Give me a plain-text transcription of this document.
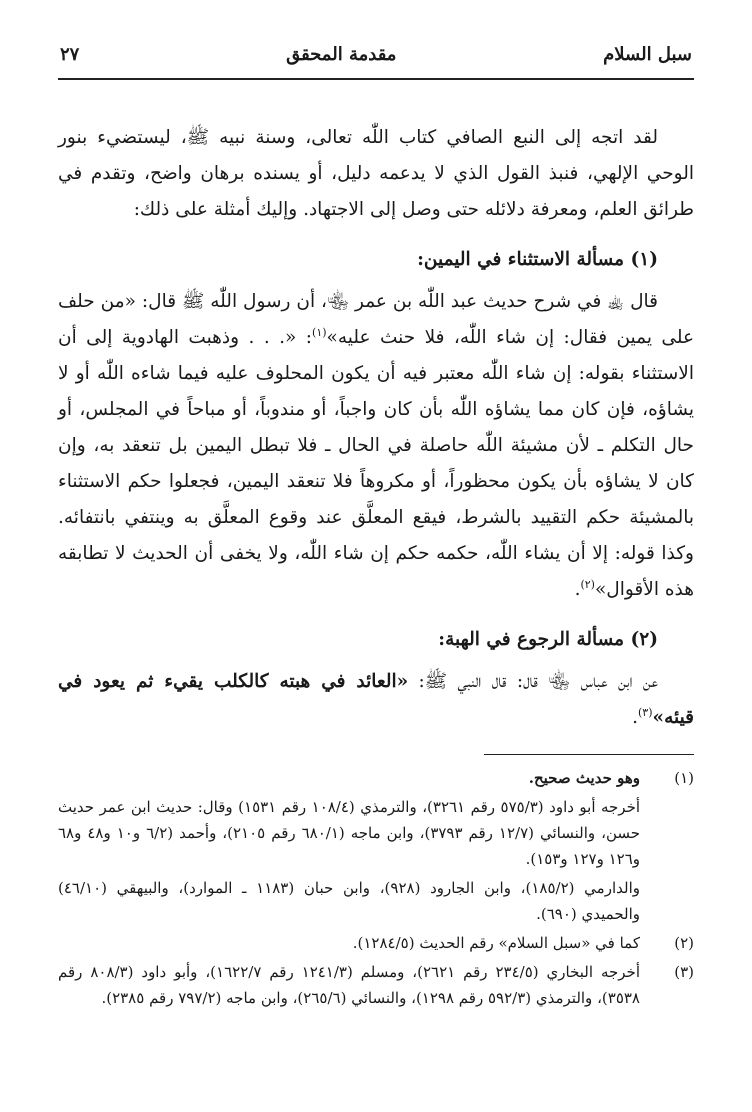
سبل السلام
مقدمة المحقق
٢٧

لقد اتجه إلى النبع الصافي كتاب اللّٰه تعالى، وسنة نبيه ﷺ، ليستضيء بنور الوحي الإلهي، فنبذ القول الذي لا يدعمه دليل، أو يسنده برهان واضح، وتقدم في طرائق العلم، ومعرفة دلائله حتى وصل إلى الاجتهاد. وإليك أمثلة على ذلك:

(١) مسألة الاستثناء في اليمين:

قال ﵀ في شرح حديث عبد اللّٰه بن عمر ﵄، أن رسول اللّٰه ﷺ قال: «من حلف على يمين فقال: إن شاء اللّٰه، فلا حنث عليه»$^{(١)}$: «. . . وذهبت الهادوية إلى أن الاستثناء بقوله: إن شاء اللّٰه معتبر فيه أن يكون المحلوف عليه فيما شاءه اللّٰه أو لا يشاؤه، فإن كان مما يشاؤه اللّٰه بأن كان واجباً، أو مندوباً، أو مباحاً في المجلس، أو حال التكلم ـ لأن مشيئة اللّٰه حاصلة في الحال ـ فلا تبطل اليمين بل تنعقد به، وإن كان لا يشاؤه بأن يكون محظوراً، أو مكروهاً فلا تنعقد اليمين، فجعلوا حكم الاستثناء بالمشيئة حكم التقييد بالشرط، فيقع المعلَّق عند وقوع المعلَّق به وينتفي بانتفائه. وكذا قوله: إلا أن يشاء اللّٰه، حكمه حكم إن شاء اللّٰه، ولا يخفى أن الحديث لا تطابقه هذه الأقوال»$^{(٢)}$.

(٢) مسألة الرجوع في الهبة:

عن ابن عباس ﵄ قال: قال النبي ﷺ: «العائد في هبته كالكلب يقيء ثم يعود في قيئه»$^{(٣)}$.

(١)

وهو حديث صحيح.

أخرجه أبو داود (٥٧٥/٣ رقم ٣٢٦١)، والترمذي (١٠٨/٤ رقم ١٥٣١) وقال: حديث ابن عمر حديث حسن، والنسائي (١٢/٧ رقم ٣٧٩٣)، وابن ماجه (٦٨٠/١ رقم ٢١٠٥)، وأحمد (٦/٢ و١٠ و٤٨ و٦٨ و١٢٦ و١٢٧ و١٥٣).

والدارمي (١٨٥/٢)، وابن الجارود (٩٢٨)، وابن حبان (١١٨٣ ـ الموارد)، والبيهقي (٤٦/١٠) والحميدي (٦٩٠).

(٢)

كما في «سبل السلام» رقم الحديث (١٢٨٤/٥).

(٣)

أخرجه البخاري (٢٣٤/٥ رقم ٢٦٢١)، ومسلم (١٢٤١/٣ رقم ١٦٢٢/٧)، وأبو داود (٨٠٨/٣ رقم ٣٥٣٨)، والترمذي (٥٩٢/٣ رقم ١٢٩٨)، والنسائي (٢٦٥/٦)، وابن ماجه (٧٩٧/٢ رقم ٢٣٨٥).
